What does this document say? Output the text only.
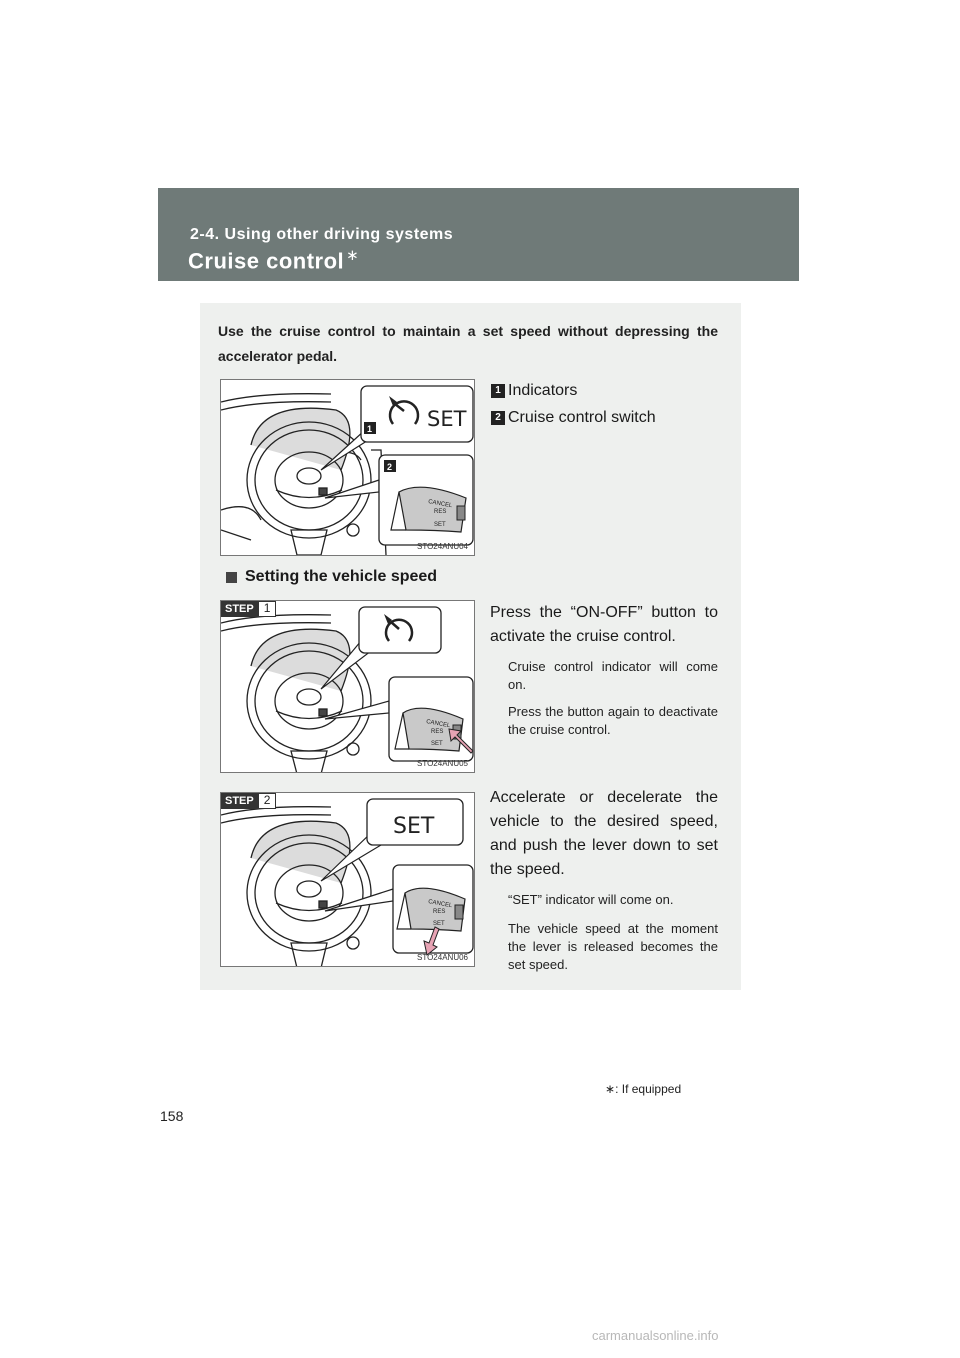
2-4. Using other driving systems
Cruise control ∗
Use the cruise control to maintain a set speed without depressing the accelerator pedal.
1	SET
2
CANCEL
RES
SET
STO24ANU04
1 Indicators
2 Cruise control switch
Setting the vehicle speed
CANCEL
RES
SET
STEP 1
STO24ANU05
Press the “ON-OFF” button to activate the cruise control.
Cruise control indicator will come on.
Press the button again to deactivate the cruise control.
SET
CANCEL
RES
SET
STEP 2
STO24ANU06
Accelerate or decelerate the vehicle to the desired speed, and push the lever down to set the speed.
“SET” indicator will come on.
The vehicle speed at the moment the lever is released becomes the set speed.
∗: If equipped
158
carmanualsonline.info
